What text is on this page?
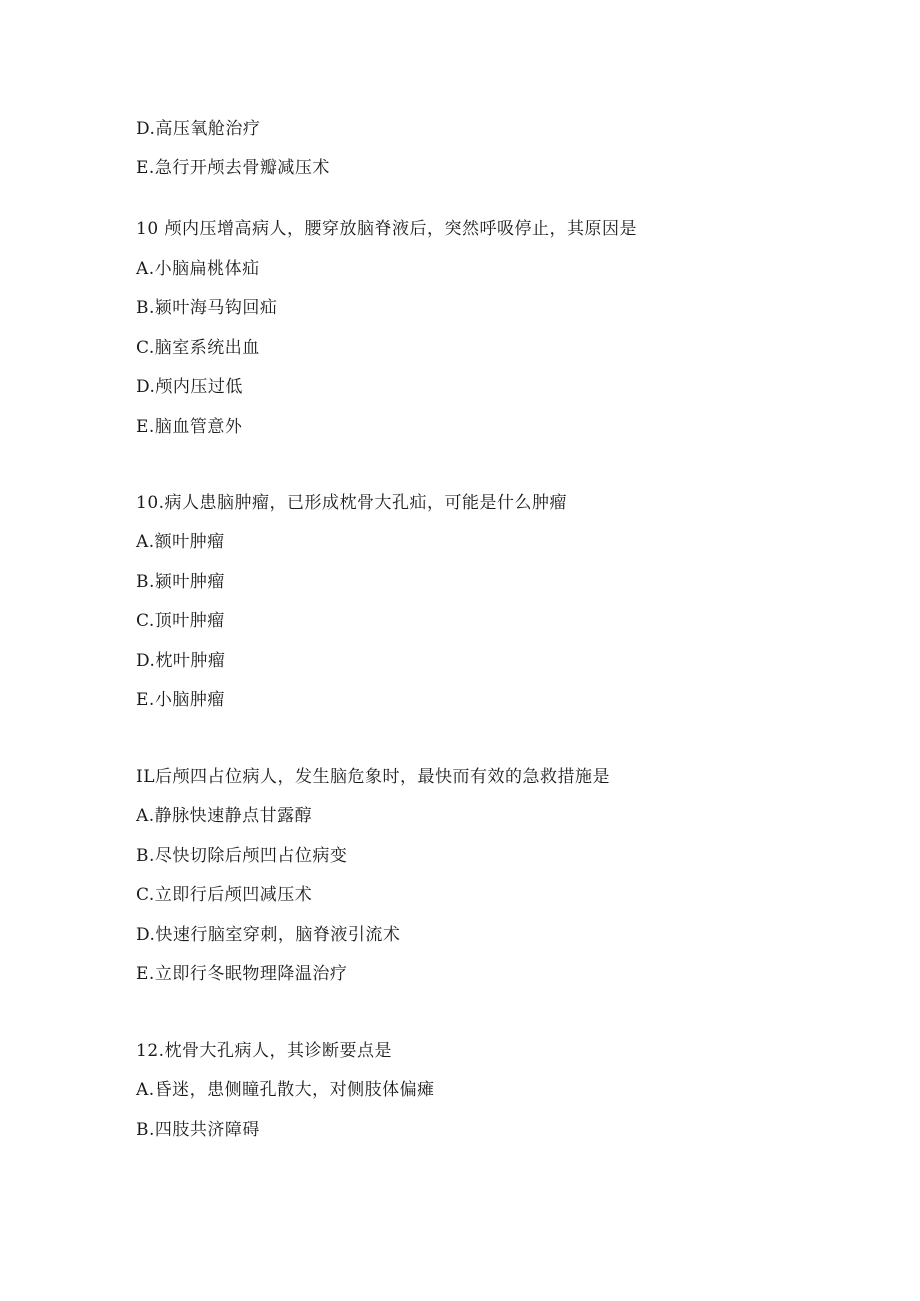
D.高压氧舱治疗
E.急行开颅去骨瓣减压术
10 颅内压增高病人，腰穿放脑脊液后，突然呼吸停止，其原因是
A.小脑扁桃体疝
B.颍叶海马钩回疝
C.脑室系统出血
D.颅内压过低
E.脑血管意外
10.病人患脑肿瘤，已形成枕骨大孔疝，可能是什么肿瘤
A.额叶肿瘤
B.颍叶肿瘤
C.顶叶肿瘤
D.枕叶肿瘤
E.小脑肿瘤
IL后颅四占位病人，发生脑危象时，最快而有效的急救措施是
A.静脉快速静点甘露醇
B.尽快切除后颅凹占位病变
C.立即行后颅凹减压术
D.快速行脑室穿刺，脑脊液引流术
E.立即行冬眠物理降温治疗
12.枕骨大孔病人，其诊断要点是
A.昏迷，患侧瞳孔散大，对侧肢体偏瘫
B.四肢共济障碍
